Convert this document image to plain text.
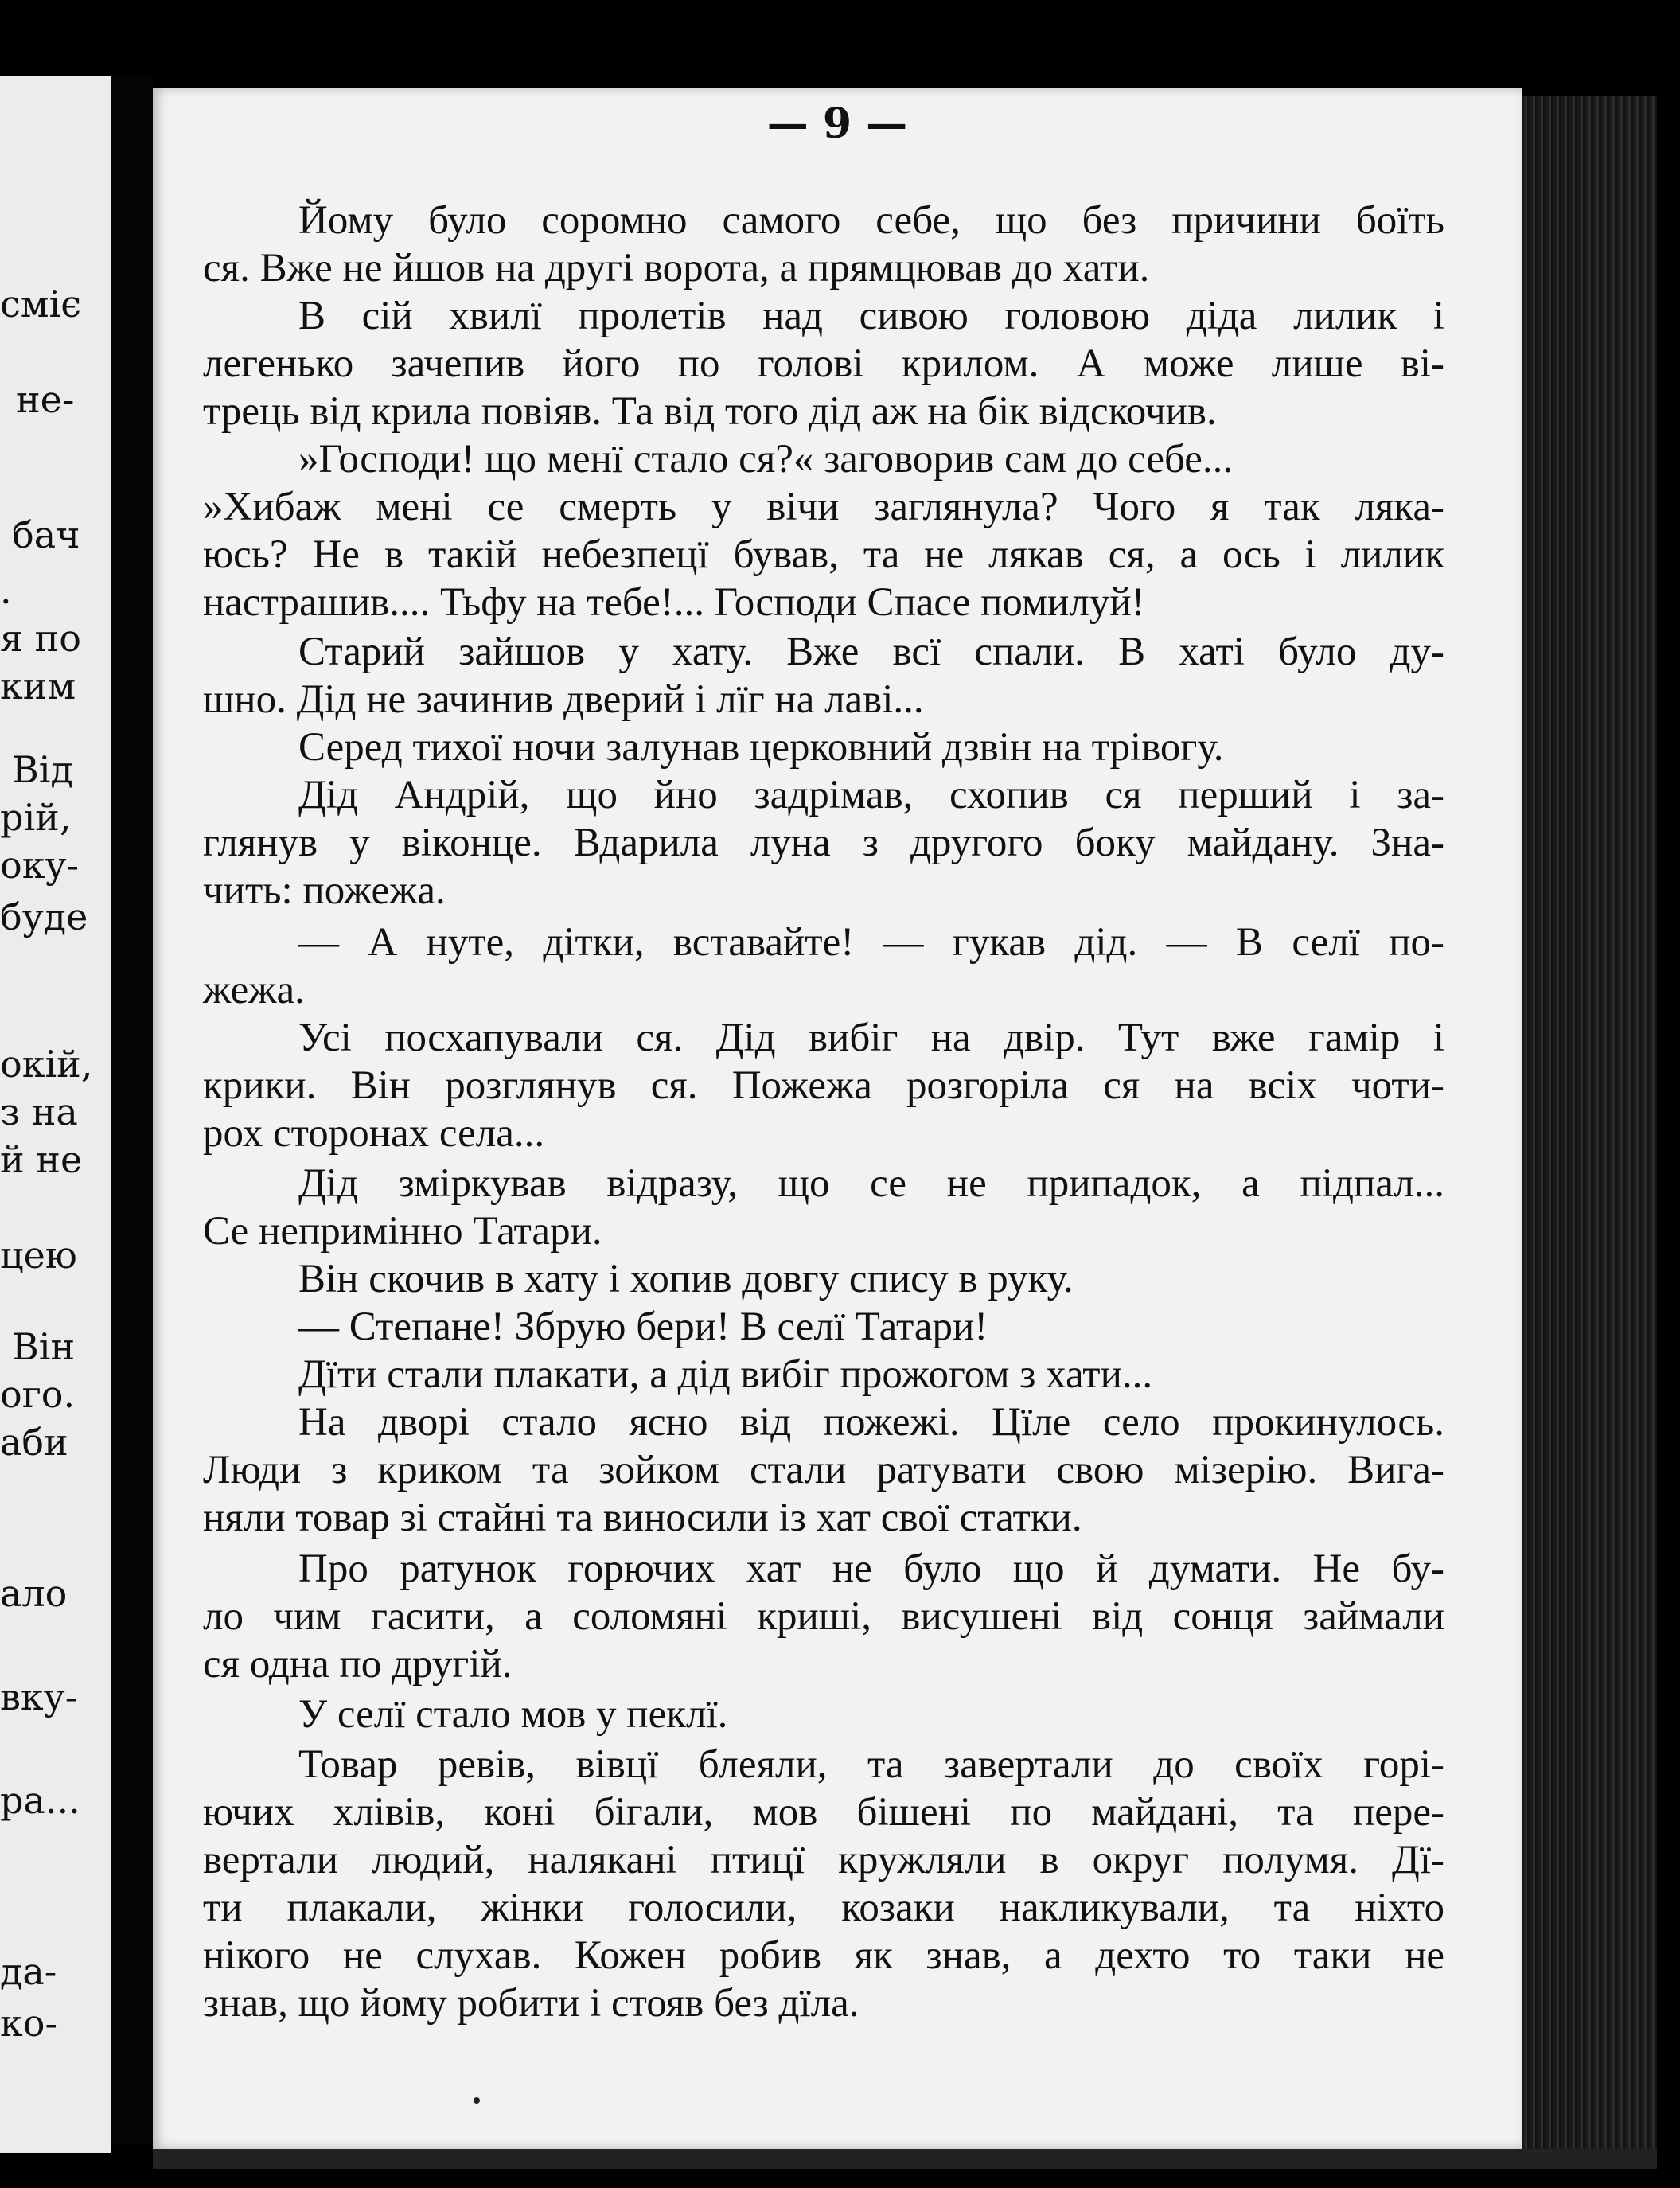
смiє
не-
бач
.
я по
ким
Вiд
рiй,
оку-
буде
окiй,
з на
й не
цею
Вiн
ого.
аби
ало
вку-
ра...
да-
ко-
— 9 —
Йому було соромно самого себе, що без причини боїть
ся. Вже не йшов на другi ворота, а прямцював до хати.
В сiй хвилї пролетiв над сивою головою дiда лилик i
легенько зачепив його по головi крилом. А може лише вi-
трець вiд крила повiяв. Та вiд того дiд аж на бiк вiдскочив.
»Господи! що менї стало ся?« заговорив сам до себе...
»Хибаж менi се смерть у вiчи заглянула? Чого я так ляка-
юсь? Не в такiй небезпецї бував, та не лякав ся, а ось i лилик
настрашив.... Тьфу на тебе!... Господи Спасе помилуй!
Старий зайшов у хату. Вже всї спали. В хатi було ду-
шно. Дiд не зачинив дверий i лїг на лавi...
Серед тихої ночи залунав церковний дзвiн на трiвогу.
Дiд Андрiй, що йно задрiмав, схопив ся перший i за-
глянув у вiконце. Вдарила луна з другого боку майдану. Зна-
чить: пожежа.
— А нуте, дiтки, вставайте! — гукав дiд. — В селї по-
жежа.
Усi посхапували ся. Дiд вибiг на двiр. Тут вже гамiр i
крики. Вiн розглянув ся. Пожежа розгорiла ся на всiх чоти-
рох сторонах села...
Дiд змiркував вiдразу, що се не припадок, а пiдпал...
Се непримiнно Татари.
Вiн скочив в хату i хопив довгу спису в руку.
— Степане! Збрую бери! В селї Татари!
Дїти стали плакати, а дiд вибiг прожогом з хати...
На дворi стало ясно вiд пожежi. Цїле село прокинулось.
Люди з криком та зойком стали ратувати свою мiзерiю. Вига-
няли товар зi стайнi та виносили iз хат свої статки.
Про ратунок горючих хат не було що й думати. Не бу-
ло чим гасити, а соломянi кришi, висушенi вiд сонця займали
ся одна по другiй.
У селї стало мов у пеклї.
Товар ревiв, вiвцї блеяли, та завертали до своїх горi-
ючих хлiвiв, конi бiгали, мов бiшенi по майданi, та пере-
вертали людий, наляканi птицї кружляли в округ полумя. Дї-
ти плакали, жiнки голосили, козаки накликували, та нiхто
нiкого не слухав. Кожен робив як знав, а дехто то таки не
знав, що йому робити i стояв без дїла.
